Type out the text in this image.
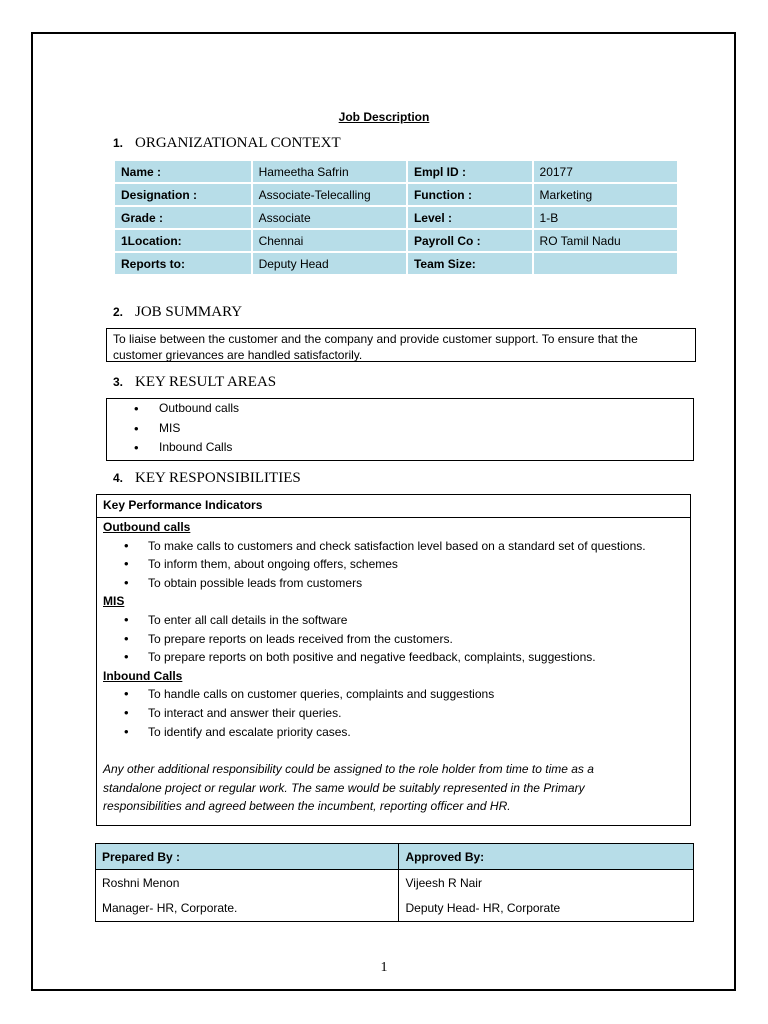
Job Description
1. ORGANIZATIONAL CONTEXT
Name :	Hameetha Safrin	Empl ID :	20177
Designation :	Associate-Telecalling	Function :	Marketing
Grade :	Associate	Level :	1-B
1Location:	Chennai	Payroll Co :	RO Tamil Nadu
Reports to:	Deputy Head	Team Size:	
2. JOB SUMMARY
To liaise between the customer and the company and provide customer support. To ensure that the customer grievances are handled satisfactorily.
3. KEY RESULT AREAS
• Outbound calls
• MIS
• Inbound Calls
4. KEY RESPONSIBILITIES
Key Performance Indicators
Outbound calls
• To make calls to customers and check satisfaction level based on a standard set of questions.
• To inform them, about ongoing offers, schemes
• To obtain possible leads from customers
MIS
• To enter all call details in the software
• To prepare reports on leads received from the customers.
• To prepare reports on both positive and negative feedback, complaints, suggestions.
Inbound Calls
• To handle calls on customer queries, complaints and suggestions
• To interact and answer their queries.
• To identify and escalate priority cases.
Any other additional responsibility could be assigned to the role holder from time to time as a
standalone project or regular work. The same would be suitably represented in the Primary
responsibilities and agreed between the incumbent, reporting officer and HR.
Prepared By :	Approved By:
Roshni Menon	Vijeesh R Nair
Manager- HR, Corporate.	Deputy Head- HR, Corporate
1
